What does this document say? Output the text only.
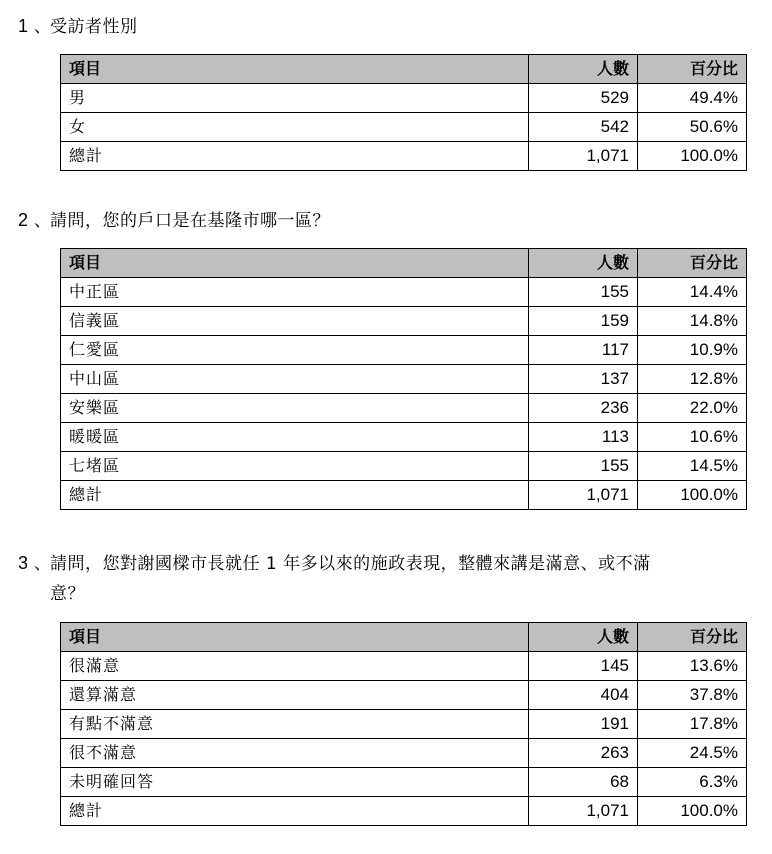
1 、受訪者性別
項目	人數	百分比
男	529	49.4%
女	542	50.6%
總計	1,071	100.0%
2 、請問，您的戶口是在基隆市哪一區？
項目	人數	百分比
中正區	155	14.4%
信義區	159	14.8%
仁愛區	117	10.9%
中山區	137	12.8%
安樂區	236	22.0%
暖暖區	113	10.6%
七堵區	155	14.5%
總計	1,071	100.0%
3 、請問，您對謝國樑市長就任 1 年多以來的施政表現，整體來講是滿意、或不滿
意？
項目	人數	百分比
很滿意	145	13.6%
還算滿意	404	37.8%
有點不滿意	191	17.8%
很不滿意	263	24.5%
未明確回答	68	6.3%
總計	1,071	100.0%
